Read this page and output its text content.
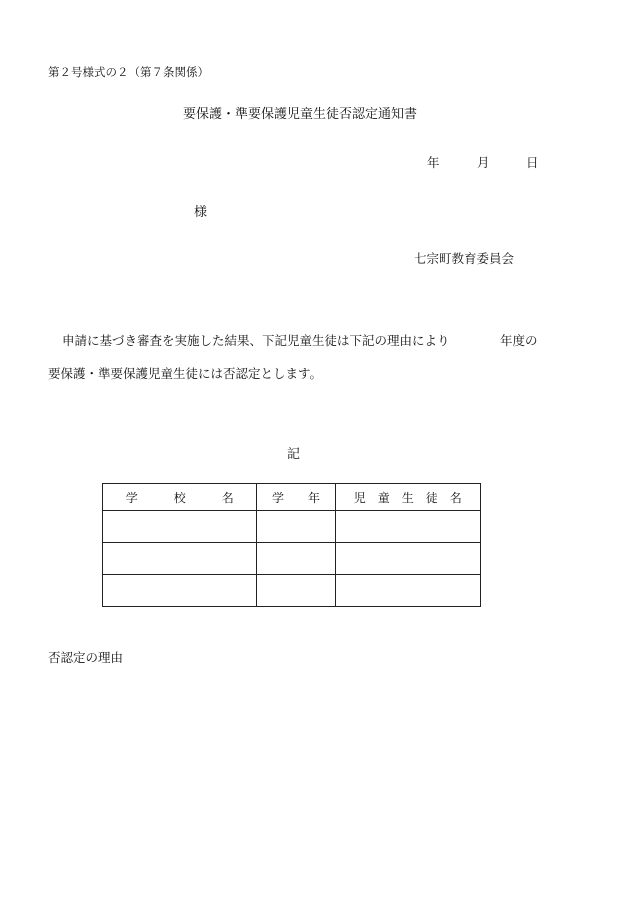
第２号様式の２（第７条関係）
要保護・準要保護児童生徒否認定通知書
年	月	日
様
七宗町教育委員会
申請に基づき審査を実施した結果、下記児童生徒は下記の理由により	年度の
要保護・準要保護児童生徒には否認定とします。
記
学　　　校　　　名	学　　年	児　童　生　徒　名

否認定の理由
